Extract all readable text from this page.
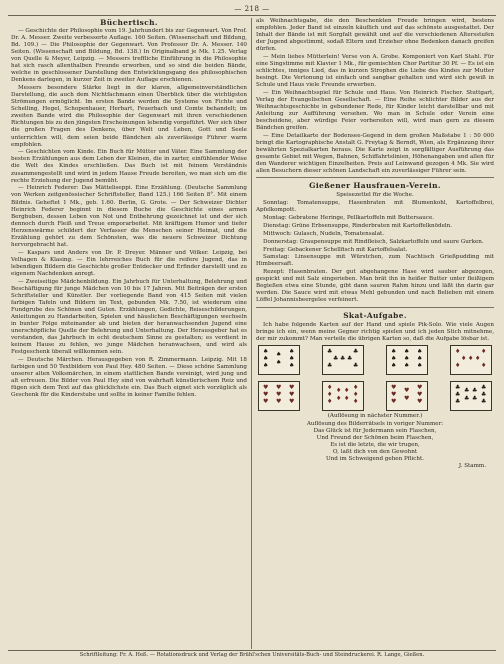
— 218 —
Büchertisch.

— Geschichte der Philosophie vom 19. Jahrhundert bis zur Gegenwart. Von Prof. Dr. A. Messer. Zweite verbesserte Auflage. 160 Seiten. (Wissenschaft und Bildung, Bd. 109.) — Die Philosophie der Gegenwart. Von Professor Dr. A. Messer. 140 Seiten. (Wissenschaft und Bildung, Bd. 138.) In Originalband je Mk. 1.25. Verlag von Quelle & Meyer, Leipzig. — Messers treffliche Einführung in die Philosophie hat sich rasch allenthalben Freunde erworben, und so sind die beiden Bände, welche in geschlossener Darstellung den Entwicklungsgang des philosophischen Denkens darlegen, in kurzer Zeit in zweiter Auflage erschienen.

Messers besondere Stärke liegt in der klaren, allgemeinverständlichen Darstellung, die auch dem Nichtfachmann einen Überblick über die wichtigsten Strömungen ermöglicht. Im ersten Bande werden die Systeme von Fichte und Schelling, Hegel, Schopenhauer, Herbart, Feuerbach und Comte behandelt; im zweiten Bande wird die Philosophie der Gegenwart mit ihren verschiedenen Richtungen bis zu den jüngsten Erscheinungen lebendig vorgeführt. Wer sich über die großen Fragen des Denkens, über Welt und Leben, Gott und Seele unterrichten will, dem seien beide Bändchen als zuverlässige Führer warm empfohlen.

— Geschichten vom Kinde. Ein Buch für Mütter und Väter. Eine Sammlung der besten Erzählungen aus dem Leben der Kleinen, die in zarter, einfühlender Weise die Welt des Kindes erschließen. Das Buch ist mit feinem Verständnis zusammengestellt und wird in jedem Hause Freude bereiten, wo man sich um die rechte Erziehung der Jugend bemüht.

— Heinrich Federer: Das Mätteliseppi. Eine Erzählung. (Deutsche Sammlung von Werken zeitgenössischer Schriftsteller, Band 125.) 166 Seiten 8°. Mit einem Bildnis. Geheftet 1 Mk., geb. 1.60. Berlin, G. Grote. — Der Schweizer Dichter Heinrich Federer beginnt in diesem Buche die Geschichte eines armen Bergbuben, dessen Leben von Not und Entbehrung gezeichnet ist und der sich dennoch durch Fleiß und Treue emporarbeitet. Mit kräftigem Humor und tiefer Herzenswärme schildert der Verfasser die Menschen seiner Heimat, und die Erzählung gehört zu dem Schönsten, was die neuere Schweizer Dichtung hervorgebracht hat.

— Kaspars und Anders von Dr. P. Dreyer. Männer und Völker. Leipzig, bei Velhagen & Klasing. — Ein lehrreiches Buch für die reifere Jugend, das in lebendigen Bildern die Geschichte großer Entdecker und Erfinder darstellt und zu eigenem Nachdenken anregt.

— Zweiseitige Mädchenbildung. Ein Jahrbuch für Unterhaltung, Belehrung und Beschäftigung für junge Mädchen von 10 bis 17 Jahren. Mit Beiträgen der ersten Schriftsteller und Künstler. Der vorliegende Band von 415 Seiten mit vielen farbigen Tafeln und Bildern im Text, gebunden Mk. 7.50, ist wiederum eine Fundgrube des Schönen und Guten. Erzählungen, Gedichte, Reiseschilderungen, Anleitungen zu Handarbeiten, Spielen und häuslichen Beschäftigungen wechseln in bunter Folge miteinander ab und bieten der heranwachsenden Jugend eine unerschöpfliche Quelle der Belehrung und Unterhaltung. Der Herausgeber hat es verstanden, das Jahrbuch in echt deutschem Sinne zu gestalten; es verdient in keinem Hause zu fehlen, wo junge Mädchen heranwachsen, und wird als Festgeschenk überall willkommen sein.

— Deutsche Märchen. Herausgegeben von R. Zimmermann. Leipzig. Mit 18 farbigen und 50 Textbildern von Paul Hey. 480 Seiten. — Diese schöne Sammlung unserer alten Volksmärchen, in einem stattlichen Bande vereinigt, wird jung und alt erfreuen. Die Bilder von Paul Hey sind von wahrhaft künstlerischem Reiz und fügen sich dem Text auf das glücklichste ein. Das Buch eignet sich vorzüglich als Geschenk für die Kinderstube und sollte in keiner Familie fehlen.

als Weihnachtsgabe, die den Beschenkten Freude bringen wird, bestens empfohlen. Jeder Band ist einzeln käuflich und auf das schönste ausgestattet. Der Inhalt der Bände ist mit Sorgfalt gewählt und auf die verschiedenen Altersstufen der Jugend abgestimmt, sodaß Eltern und Erzieher ohne Bedenken danach greifen dürfen.

— Mein liebes Mütterlein! Verse von A. Grobe. Komponiert von Karl Stahl. Für eine Singstimme mit Klavier 1 Mk., für gemischten Chor Partitur 30 Pf. — Es ist ein schlichtes, inniges Lied, das in kurzen Strophen die Liebe des Kindes zur Mutter besingt. Die Vertonung ist einfach und sangbar gehalten und wird sich gewiß in Schule und Haus viele Freunde erwerben.

— Ein Weihnachtsspiel für Schule und Haus. Von Heinrich Fischer. Stuttgart, Verlag der Evangelischen Gesellschaft. — Eine Reihe schlichter Bilder aus der Weihnachtsgeschichte in gebundener Rede, für Kinder leicht darstellbar und mit Anleitung zur Aufführung versehen. Wo man in Schule oder Verein eine bescheidene, aber würdige Feier vorbereiten will, wird man gern zu diesem Bändchen greifen.

— Eine Detailkarte der Bodensee-Gegend in dem großen Maßstabe 1 : 50 000 bringt die Kartographische Anstalt G. Freytag & Berndt, Wien, als Ergänzung ihrer bewährten Spezialkarten heraus. Die Karte zeigt in sorgfältiger Ausführung das gesamte Gebiet mit Wegen, Bahnen, Schiffahrtslinien, Höhenangaben und allen für den Wanderer wichtigen Einzelheiten. Preis auf Leinwand gezogen 4 Mk. Sie wird allen Besuchern dieser schönen Landschaft ein zuverlässiger Führer sein.

Gießener Hausfrauen-Verein.

Speisezettel für die Woche.

Sonntag: Tomatensuppe, Hasenbraten mit Blumenkohl, Kartoffelbrei, Apfelkompott.

Montag: Gebratene Heringe, Pellkartoffeln mit Buttersauce.

Dienstag: Grüne Erbsensuppe, Rinderbraten mit Kartoffelknödeln.

Mittwoch: Gulasch, Nudeln, Tomatensalat.

Donnerstag: Graupensuppe mit Rindfleisch, Salzkartoffeln und saure Gurken.

Freitag: Gebackener Schellfisch mit Kartoffelsalat.

Samstag: Linsensuppe mit Würstchen, zum Nachtisch Grießpudding mit Himbeersaft.

Rezept: Hasenbraten. Der gut abgehangene Hase wird sauber abgezogen, gespickt und mit Salz eingerieben. Man brät ihn in heißer Butter unter fleißigem Begießen etwa eine Stunde, gibt dann sauren Rahm hinzu und läßt ihn darin gar werden. Die Sauce wird mit etwas Mehl gebunden und nach Belieben mit einem Löffel Johannisbeergelee verfeinert.

Skat-Aufgabe.

Ich habe folgende Karten auf der Hand und spiele Pik-Solo. Wie viele Augen bringe ich ein, wenn meine Gegner richtig spielen und ich jeden Stich mitnehme, der mir zukommt? Man verteile die übrigen Karten so, daß die Aufgabe lösbar ist.

♠	♠
♠	♠
♠	♠
♠
♠
♥	♥
♥	♥
♥	♥
♥
♥
♥
♣	♣
♣
♣	♣
♣ ♣
♦	♦
♦	♦
♦	♦
♦ ♦
♦ ♦
♠	♠
♠	♠
♠	♠
♠
♠
♠
♥	♥
♥	♥
♥	♥
♥
♥
♦	♦
♦
♦	♦
♦ ♦
♣	♣
♣	♣
♣	♣
♣ ♣
♣ ♣
(Auflösung in nächster Nummer.)
Auflösung des Bilderrätsels in voriger Nummer:
Das Glück ist für Jedermann sein Flaschen,
Und Freund der Schönen beim Flaschen,
Es ist die letzte, die wir trugen,
O, laßt dich von den Gewohnt
Und im Schweigend gehen Pflicht.
J. Stamm.
Schriftleitung: Fr. A. Heß. — Rotationsdruck und Verlag der Brühl'schen Universitäts-Buch- und Steindruckerei. R. Lange, Gießen.
